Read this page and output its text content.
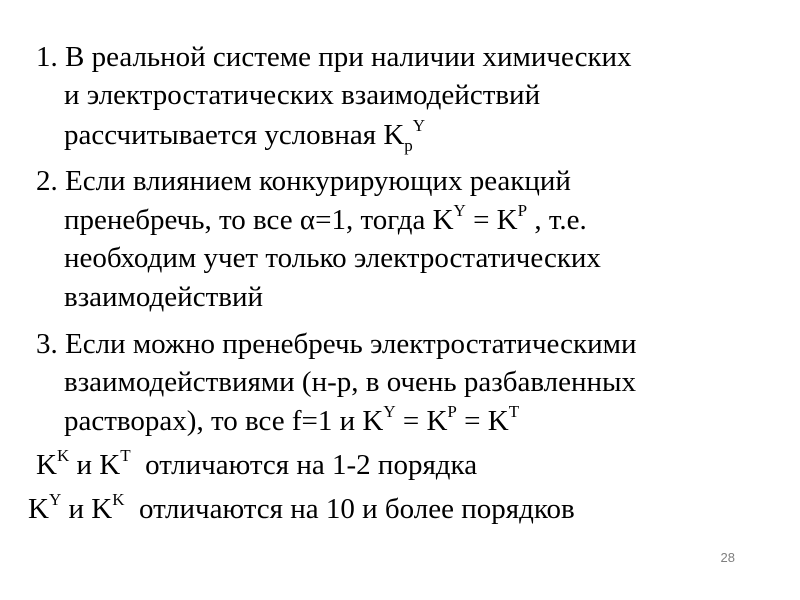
1. В реальной системе при наличии химических
и электростатических взаимодействий
рассчитывается условная $K_p^Y$
2. Если влиянием конкурирующих реакций
пренебречь, то все α=1, тогда $K^Y = K^P$ , т.е.
необходим учет только электростатических
взаимодействий
3. Если можно пренебречь электростатическими
взаимодействиями (н-р, в очень разбавленных
растворах), то все f=1 и $K^Y = K^P = K^T$
$K^K$ и $K^T$  отличаются на 1-2 порядка
$K^Y$ и $K^K$  отличаются на 10 и более порядков
28
